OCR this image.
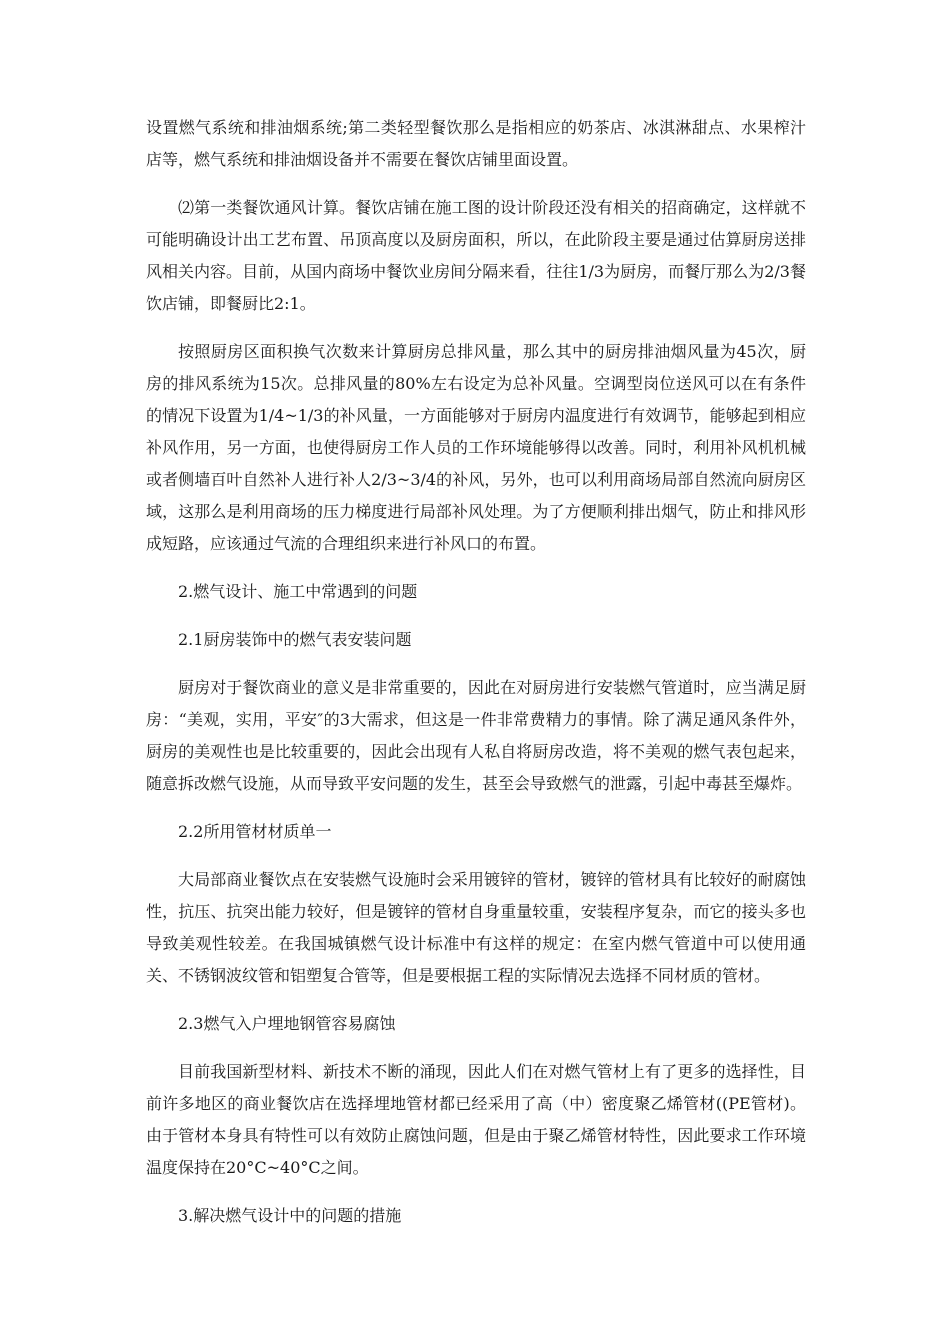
设置燃气系统和排油烟系统;第二类轻型餐饮那么是指相应的奶茶店、冰淇淋甜点、水果榨汁店等，燃气系统和排油烟设备并不需要在餐饮店铺里面设置。

⑵第一类餐饮通风计算。餐饮店铺在施工图的设计阶段还没有相关的招商确定，这样就不可能明确设计出工艺布置、吊顶高度以及厨房面积，所以，在此阶段主要是通过估算厨房送排风相关内容。目前，从国内商场中餐饮业房间分隔来看，往往1/3为厨房，而餐厅那么为2/3餐饮店铺，即餐厨比2:1。

按照厨房区面积换气次数来计算厨房总排风量，那么其中的厨房排油烟风量为45次，厨房的排风系统为15次。总排风量的80%左右设定为总补风量。空调型岗位送风可以在有条件的情况下设置为1/4~1/3的补风量，一方面能够对于厨房内温度进行有效调节，能够起到相应补风作用，另一方面，也使得厨房工作人员的工作环境能够得以改善。同时，利用补风机机械或者侧墙百叶自然补人进行补人2/3~3/4的补风，另外，也可以利用商场局部自然流向厨房区域，这那么是利用商场的压力梯度进行局部补风处理。为了方便顺利排出烟气，防止和排风形成短路，应该通过气流的合理组织来进行补风口的布置。

2.燃气设计、施工中常遇到的问题

2.1厨房装饰中的燃气表安装问题

厨房对于餐饮商业的意义是非常重要的，因此在对厨房进行安装燃气管道时，应当满足厨房：“美观，实用，平安″的3大需求，但这是一件非常费精力的事情。除了满足通风条件外，厨房的美观性也是比较重要的，因此会出现有人私自将厨房改造，将不美观的燃气表包起来，随意拆改燃气设施，从而导致平安问题的发生，甚至会导致燃气的泄露，引起中毒甚至爆炸。

2.2所用管材材质单一

大局部商业餐饮点在安装燃气设施时会采用镀锌的管材，镀锌的管材具有比较好的耐腐蚀性，抗压、抗突出能力较好，但是镀锌的管材自身重量较重，安装程序复杂，而它的接头多也导致美观性较差。在我国城镇燃气设计标准中有这样的规定：在室内燃气管道中可以使用通关、不锈钢波纹管和铝塑复合管等，但是要根据工程的实际情况去选择不同材质的管材。

2.3燃气入户埋地钢管容易腐蚀

目前我国新型材料、新技术不断的涌现，因此人们在对燃气管材上有了更多的选择性，目前许多地区的商业餐饮店在选择埋地管材都已经采用了高（中）密度聚乙烯管材((PE管材)。由于管材本身具有特性可以有效防止腐蚀问题，但是由于聚乙烯管材特性，因此要求工作环境温度保持在20°C~40°C之间。

3.解决燃气设计中的问题的措施
